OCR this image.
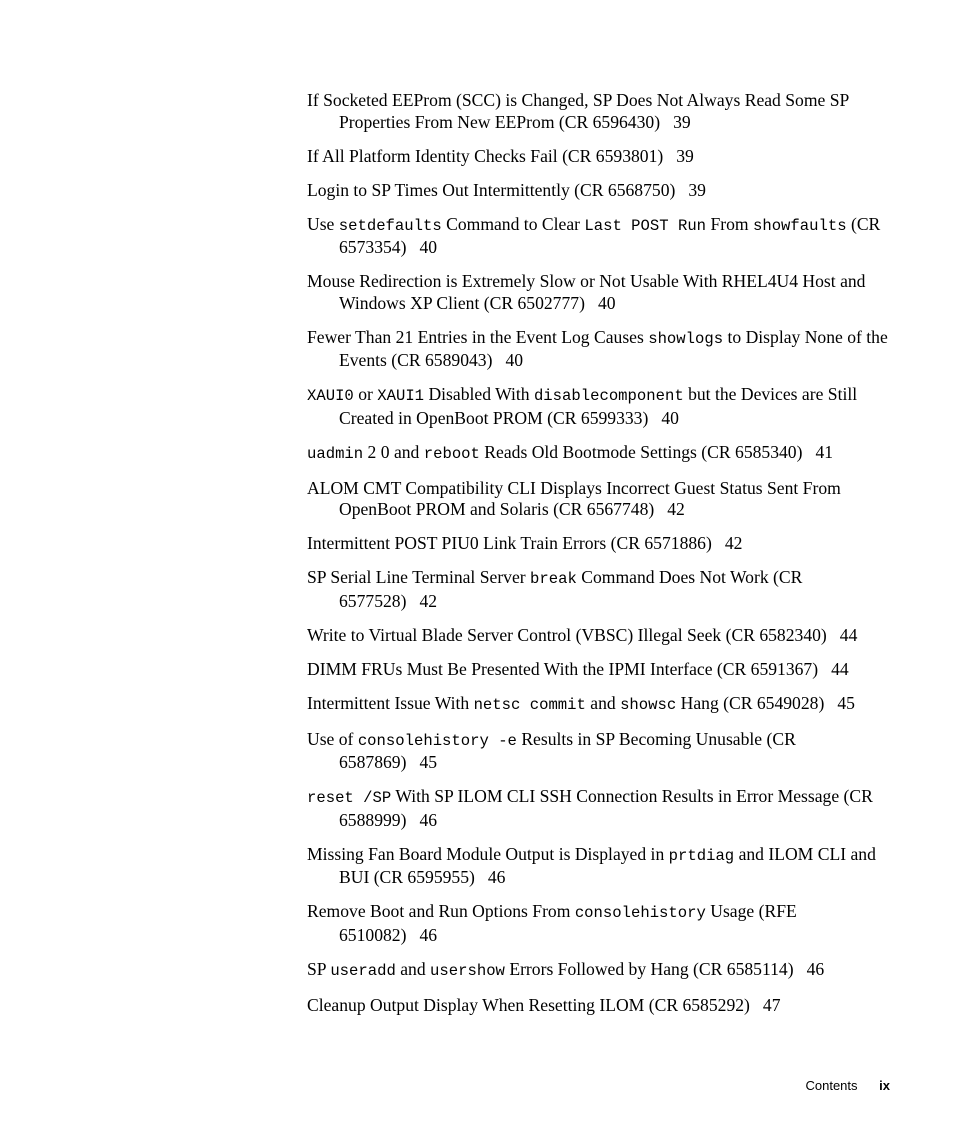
If Socketed EEProm (SCC) is Changed, SP Does Not Always Read Some SP Properties From New EEProm (CR 6596430) 39
If All Platform Identity Checks Fail (CR 6593801) 39
Login to SP Times Out Intermittently (CR 6568750) 39
Use setdefaults Command to Clear Last POST Run From showfaults (CR 6573354) 40
Mouse Redirection is Extremely Slow or Not Usable With RHEL4U4 Host and Windows XP Client (CR 6502777) 40
Fewer Than 21 Entries in the Event Log Causes showlogs to Display None of the Events (CR 6589043) 40
XAUI0 or XAUI1 Disabled With disablecomponent but the Devices are Still Created in OpenBoot PROM (CR 6599333) 40
uadmin 2 0 and reboot Reads Old Bootmode Settings (CR 6585340) 41
ALOM CMT Compatibility CLI Displays Incorrect Guest Status Sent From OpenBoot PROM and Solaris (CR 6567748) 42
Intermittent POST PIU0 Link Train Errors (CR 6571886) 42
SP Serial Line Terminal Server break Command Does Not Work (CR 6577528) 42
Write to Virtual Blade Server Control (VBSC) Illegal Seek (CR 6582340) 44
DIMM FRUs Must Be Presented With the IPMI Interface (CR 6591367) 44
Intermittent Issue With netsc commit and showsc Hang (CR 6549028) 45
Use of consolehistory -e Results in SP Becoming Unusable (CR 6587869) 45
reset /SP With SP ILOM CLI SSH Connection Results in Error Message (CR 6588999) 46
Missing Fan Board Module Output is Displayed in prtdiag and ILOM CLI and BUI (CR 6595955) 46
Remove Boot and Run Options From consolehistory Usage (RFE 6510082) 46
SP useradd and usershow Errors Followed by Hang (CR 6585114) 46
Cleanup Output Display When Resetting ILOM (CR 6585292) 47
Contents ix
